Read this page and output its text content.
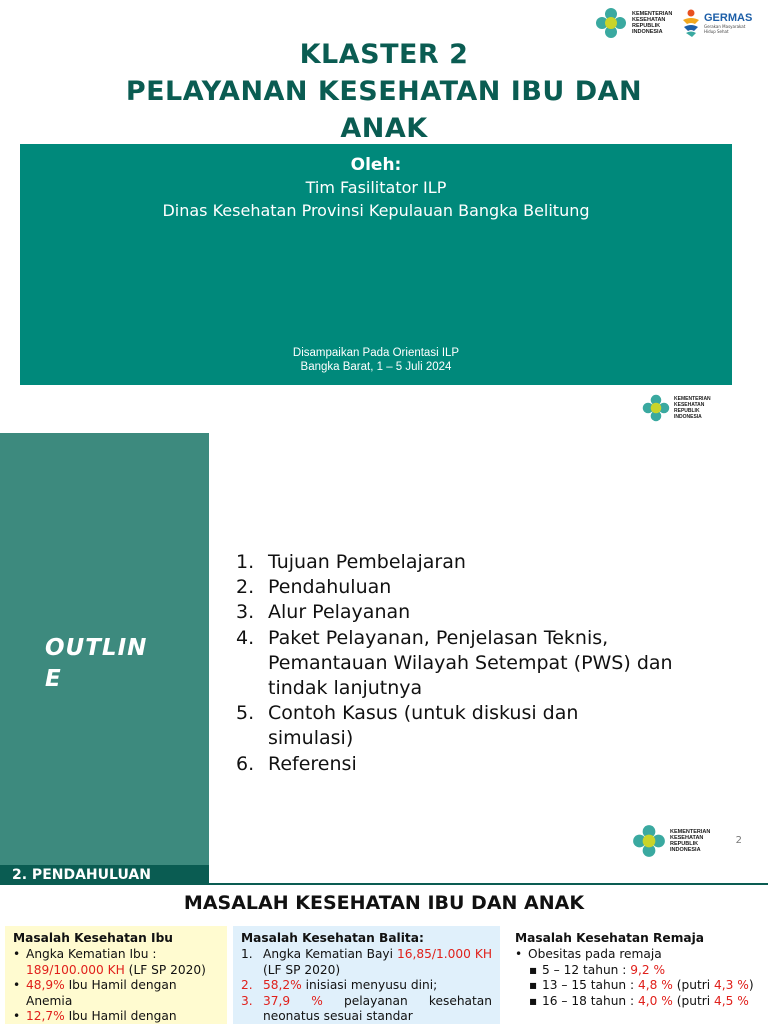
KEMENTERIAN KESEHATAN REPUBLIK INDONESIA
GERMAS
Gerakan Masyarakat Hidup Sehat
KLASTER 2
PELAYANAN KESEHATAN IBU DAN
ANAK
Oleh:
Tim Fasilitator ILP
Dinas Kesehatan Provinsi Kepulauan Bangka Belitung
Disampaikan Pada Orientasi ILP
Bangka Barat, 1 – 5 Juli 2024
KEMENTERIAN KESEHATAN REPUBLIK INDONESIA
OUTLIN E
1. Tujuan Pembelajaran
2. Pendahuluan
3. Alur Pelayanan
4. Paket Pelayanan, Penjelasan Teknis, Pemantauan Wilayah Setempat (PWS) dan tindak lanjutnya
5. Contoh Kasus (untuk diskusi dan simulasi)
6. Referensi
KEMENTERIAN KESEHATAN REPUBLIK INDONESIA
2
2. PENDAHULUAN
MASALAH KESEHATAN IBU DAN ANAK
Masalah Kesehatan Ibu
• Angka Kematian Ibu :
189/100.000 KH (LF SP 2020)
• 48,9% Ibu Hamil dengan Anemia
• 12,7% Ibu Hamil dengan
Masalah Kesehatan Balita:
1. Angka Kematian Bayi 16,85/1.000 KH (LF SP 2020)
2. 58,2% inisiasi menyusu dini;
3. 37,9 % pelayanan kesehatan neonatus sesuai standar
Masalah Kesehatan Remaja
• Obesitas pada remaja
▪ 5 – 12 tahun : 9,2 %
▪ 13 – 15 tahun : 4,8 % (putri 4,3 %)
▪ 16 – 18 tahun : 4,0 % (putri 4,5 %
